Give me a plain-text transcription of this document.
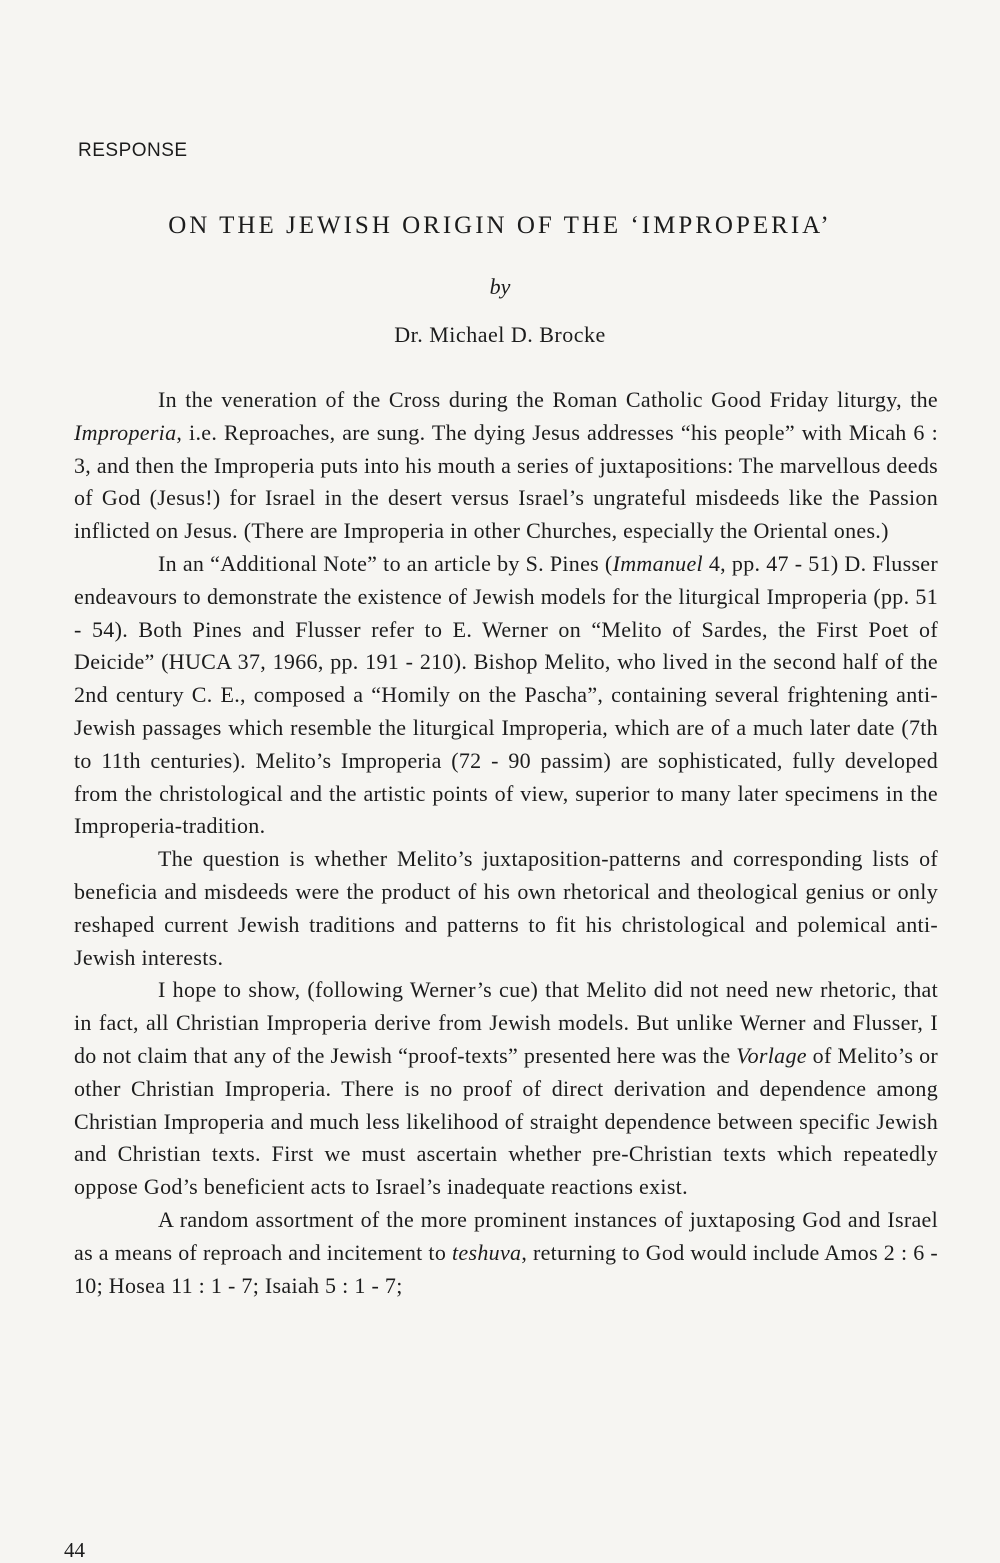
RESPONSE
ON THE JEWISH ORIGIN OF THE ‘IMPROPERIA’
by
Dr. Michael D. Brocke

In the veneration of the Cross during the Roman Catholic Good Friday liturgy, the Improperia, i.e. Reproaches, are sung. The dying Jesus addresses “his people” with Micah 6 : 3, and then the Improperia puts into his mouth a series of juxtapositions: The marvellous deeds of God (Jesus!) for Israel in the desert versus Israel’s ungrateful misdeeds like the Passion inflicted on Jesus. (There are Improperia in other Churches, especially the Oriental ones.)

In an “Additional Note” to an article by S. Pines (Immanuel 4, pp. 47 - 51) D. Flusser endeavours to demonstrate the existence of Jewish models for the liturgical Improperia (pp. 51 - 54). Both Pines and Flusser refer to E. Werner on “Melito of Sardes, the First Poet of Deicide” (HUCA 37, 1966, pp. 191 - 210). Bishop Melito, who lived in the second half of the 2nd century C. E., composed a “Homily on the Pascha”, containing several frightening anti-Jewish passages which resemble the liturgical Improperia, which are of a much later date (7th to 11th centuries). Melito’s Improperia (72 - 90 passim) are sophisticated, fully developed from the christological and the artistic points of view, superior to many later specimens in the Improperia-tradition.

The question is whether Melito’s juxtaposition-patterns and corresponding lists of beneficia and misdeeds were the product of his own rhetorical and theological genius or only reshaped current Jewish traditions and patterns to fit his christological and polemical anti-Jewish interests.

I hope to show, (following Werner’s cue) that Melito did not need new rhetoric, that in fact, all Christian Improperia derive from Jewish models. But unlike Werner and Flusser, I do not claim that any of the Jewish “proof-texts” presented here was the Vorlage of Melito’s or other Christian Improperia. There is no proof of direct derivation and dependence among Christian Improperia and much less likelihood of straight dependence between specific Jewish and Christian texts. First we must ascertain whether pre-Christian texts which repeatedly oppose God’s beneficient acts to Israel’s inadequate reactions exist.

A random assortment of the more prominent instances of juxtaposing God and Israel as a means of reproach and incitement to teshuva, returning to God would include Amos 2 : 6 - 10; Hosea 11 : 1 - 7; Isaiah 5 : 1 - 7;

44
